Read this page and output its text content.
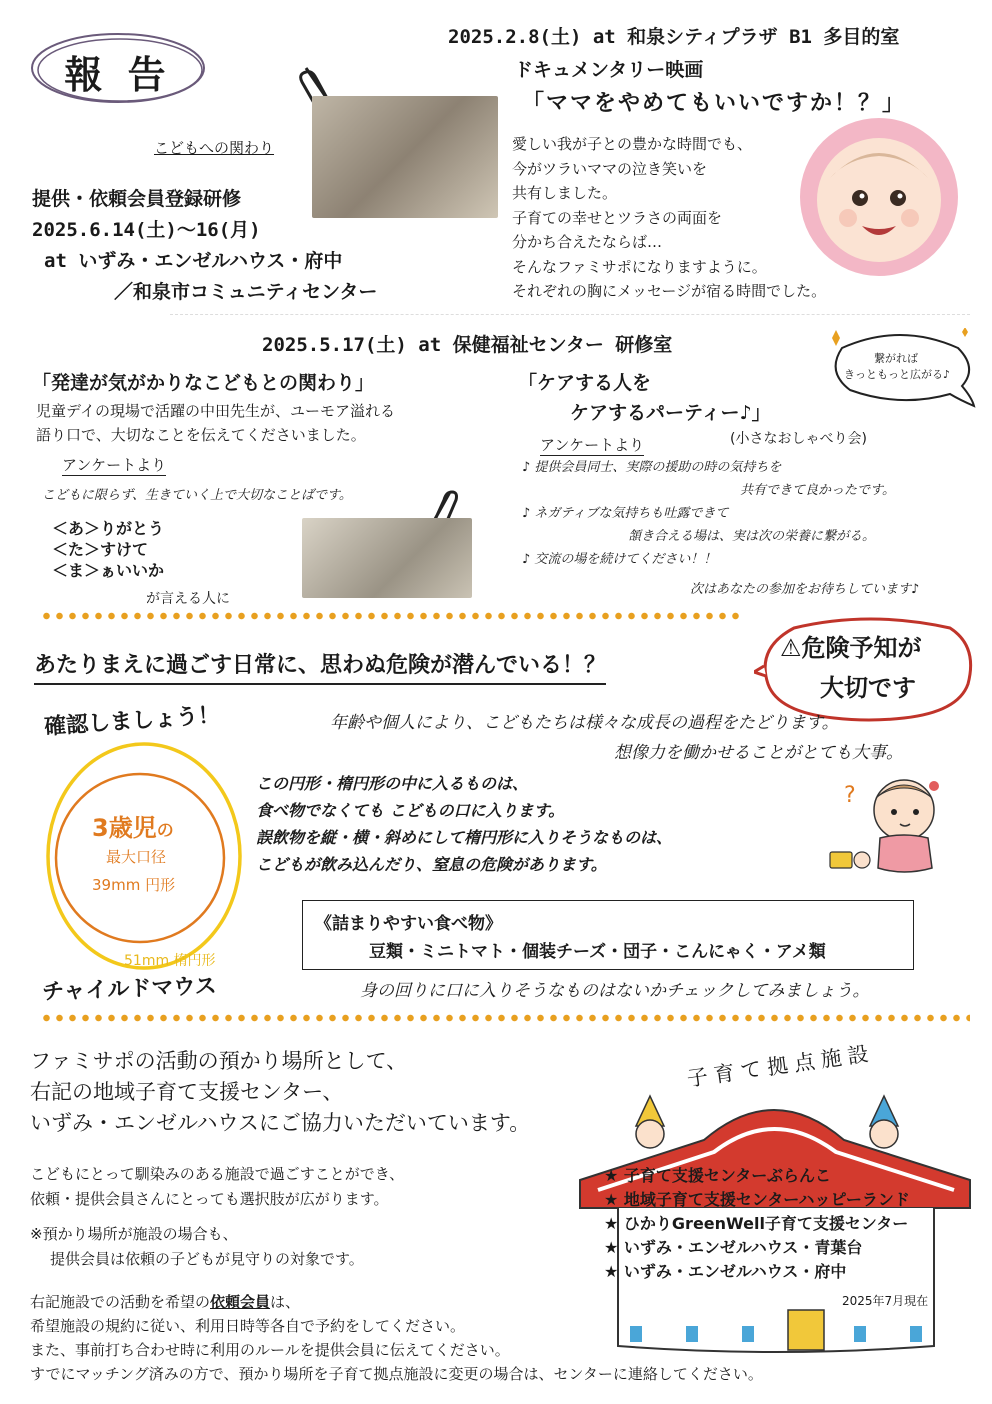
報 告
2025.2.8(土) at 和泉シティプラザ B1 多目的室
ドキュメンタリー映画
「ママをやめてもいいですか！？」
こどもへの関わり
提供・依頼会員登録研修
2025.6.14(土)～16(月)
at いずみ・エンゼルハウス・府中
／和泉市コミュニティセンター
愛しい我が子との豊かな時間でも、
今がツラいママの泣き笑いを
共有しました。
子育ての幸せとツラさの両面を
分かち合えたならば…
そんなファミサポになりますように。
それぞれの胸にメッセージが宿る時間でした。
2025.5.17(土) at 保健福祉センター 研修室
「発達が気がかりなこどもとの関わり」
児童デイの現場で活躍の中田先生が、ユーモア溢れる
語り口で、大切なことを伝えてくださいました。
アンケートより
こどもに限らず、生きていく上で大切なことばです。
＜あ＞りがとう
＜た＞すけて
＜ま＞ぁいいか
が言える人に
「ケアする人を
ケアするパーティー♪」
(小さなおしゃべり会)
繋がれば
きっともっと広がる♪
アンケートより
♪ 提供会員同士、実際の援助の時の気持ちを
共有できて良かったです。
♪ ネガティブな気持ちも吐露できて
頷き合える場は、実は次の栄養に繋がる。
♪ 交流の場を続けてください！！
次はあなたの参加をお待ちしています♪
あたりまえに過ごす日常に、思わぬ危険が潜んでいる！？
⚠危険予知が
大切です
確認しましょう！	年齢や個人により、こどもたちは様々な成長の過程をたどります。
想像力を働かせることがとても大事。
3歳児の
最大口径
39mm 円形
51mm 楕円形
チャイルドマウス
この円形・楕円形の中に入るものは、
食べ物でなくても こどもの口に入ります。
誤飲物を縦・横・斜めにして楕円形に入りそうなものは、
こどもが飲み込んだり、窒息の危険があります。
?
《詰まりやすい食べ物》
豆類・ミニトマト・個装チーズ・団子・こんにゃく・アメ類
身の回りに口に入りそうなものはないかチェックしてみましょう。
ファミサポの活動の預かり場所として、
右記の地域子育て支援センター、
いずみ・エンゼルハウスにご協力いただいています。
こどもにとって馴染みのある施設で過ごすことができ、
依頼・提供会員さんにとっても選択肢が広がります。
※預かり場所が施設の場合も、
提供会員は依頼の子どもが見守りの対象です。
右記施設での活動を希望の依頼会員は、
希望施設の規約に従い、利用日時等各自で予約をしてください。
また、事前打ち合わせ時に利用のルールを提供会員に伝えてください。
すでにマッチング済みの方で、預かり場所を子育て拠点施設に変更の場合は、センターに連絡してください。
子育て拠点施設
★ 子育て支援センターぶらんこ
★ 地域子育て支援センターハッピーランド
★ ひかりGreenWell子育て支援センター
★ いずみ・エンゼルハウス・青葉台
★ いずみ・エンゼルハウス・府中
2025年7月現在
